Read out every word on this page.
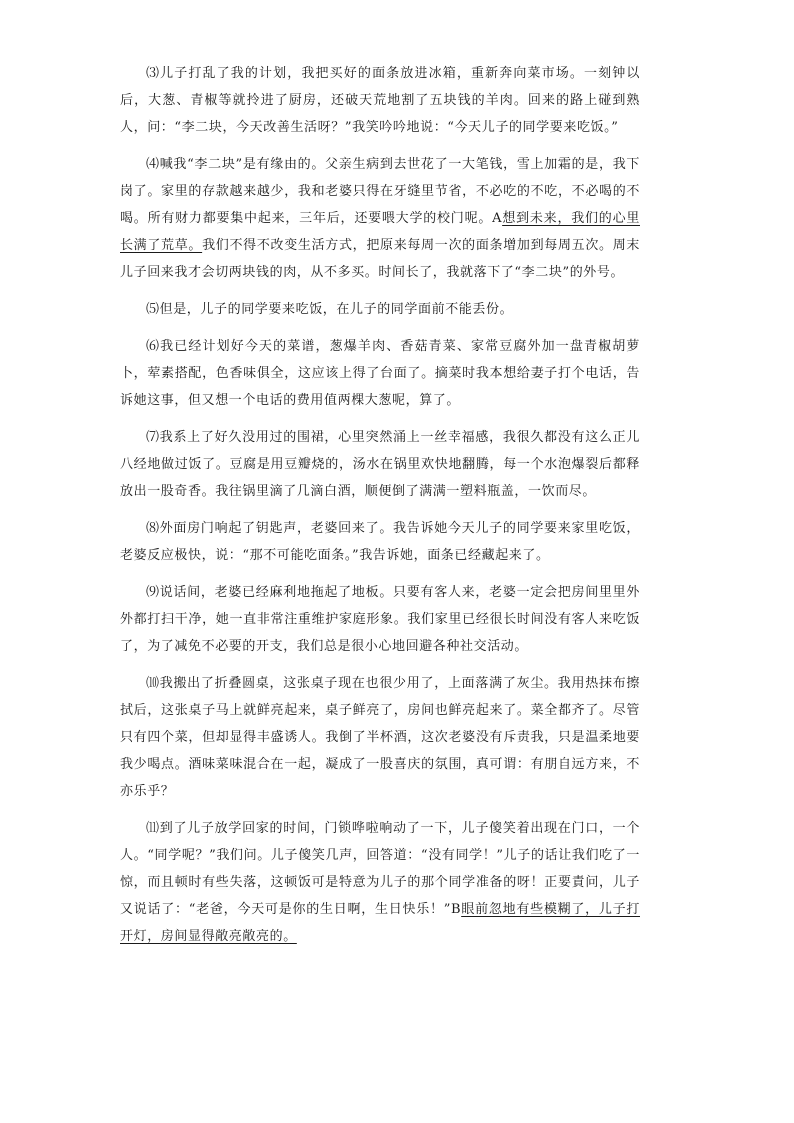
⑶儿子打乱了我的计划，我把买好的面条放进冰箱，重新奔向菜市场。一刻钟以后，大葱、青椒等就拎进了厨房，还破天荒地割了五块钱的羊肉。回来的路上碰到熟人，问：“李二块，今天改善生活呀？”我笑吟吟地说：“今天儿子的同学要来吃饭。”

⑷喊我“李二块”是有缘由的。父亲生病到去世花了一大笔钱，雪上加霜的是，我下岗了。家里的存款越来越少，我和老婆只得在牙缝里节省，不必吃的不吃，不必喝的不喝。所有财力都要集中起来，三年后，还要喂大学的校门呢。A想到未来，我们的心里长满了荒草。我们不得不改变生活方式，把原来每周一次的面条增加到每周五次。周末儿子回来我才会切两块钱的肉，从不多买。时间长了，我就落下了“李二块”的外号。

⑸但是，儿子的同学要来吃饭，在儿子的同学面前不能丢份。

⑹我已经计划好今天的菜谱，葱爆羊肉、香菇青菜、家常豆腐外加一盘青椒胡萝卜，荤素搭配，色香味俱全，这应该上得了台面了。摘菜时我本想给妻子打个电话，告诉她这事，但又想一个电话的费用值两棵大葱呢，算了。

⑺我系上了好久没用过的围裙，心里突然涌上一丝幸福感，我很久都没有这么正儿八经地做过饭了。豆腐是用豆瓣烧的，汤水在锅里欢快地翻腾，每一个水泡爆裂后都释放出一股奇香。我往锅里滴了几滴白酒，顺便倒了满满一塑料瓶盖，一饮而尽。

⑻外面房门响起了钥匙声，老婆回来了。我告诉她今天儿子的同学要来家里吃饭，老婆反应极快，说：“那不可能吃面条。”我告诉她，面条已经藏起来了。

⑼说话间，老婆已经麻利地拖起了地板。只要有客人来，老婆一定会把房间里里外外都打扫干净，她一直非常注重维护家庭形象。我们家里已经很长时间没有客人来吃饭了，为了减免不必要的开支，我们总是很小心地回避各种社交活动。

⑽我搬出了折叠圆桌，这张桌子现在也很少用了，上面落满了灰尘。我用热抹布擦拭后，这张桌子马上就鲜亮起来，桌子鲜亮了，房间也鲜亮起来了。菜全都齐了。尽管只有四个菜，但却显得丰盛诱人。我倒了半杯酒，这次老婆没有斥责我，只是温柔地要我少喝点。酒味菜味混合在一起，凝成了一股喜庆的氛围，真可谓：有朋自远方来，不亦乐乎？

⑾到了儿子放学回家的时间，门锁哗啦响动了一下，儿子傻笑着出现在门口，一个人。“同学呢？”我们问。儿子傻笑几声，回答道：“没有同学！”儿子的话让我们吃了一惊，而且顿时有些失落，这顿饭可是特意为儿子的那个同学准备的呀！正要責问，儿子又说话了：“老爸，今天可是你的生日啊，生日快乐！”B眼前忽地有些模糊了，儿子打开灯，房间显得敞亮敞亮的。
